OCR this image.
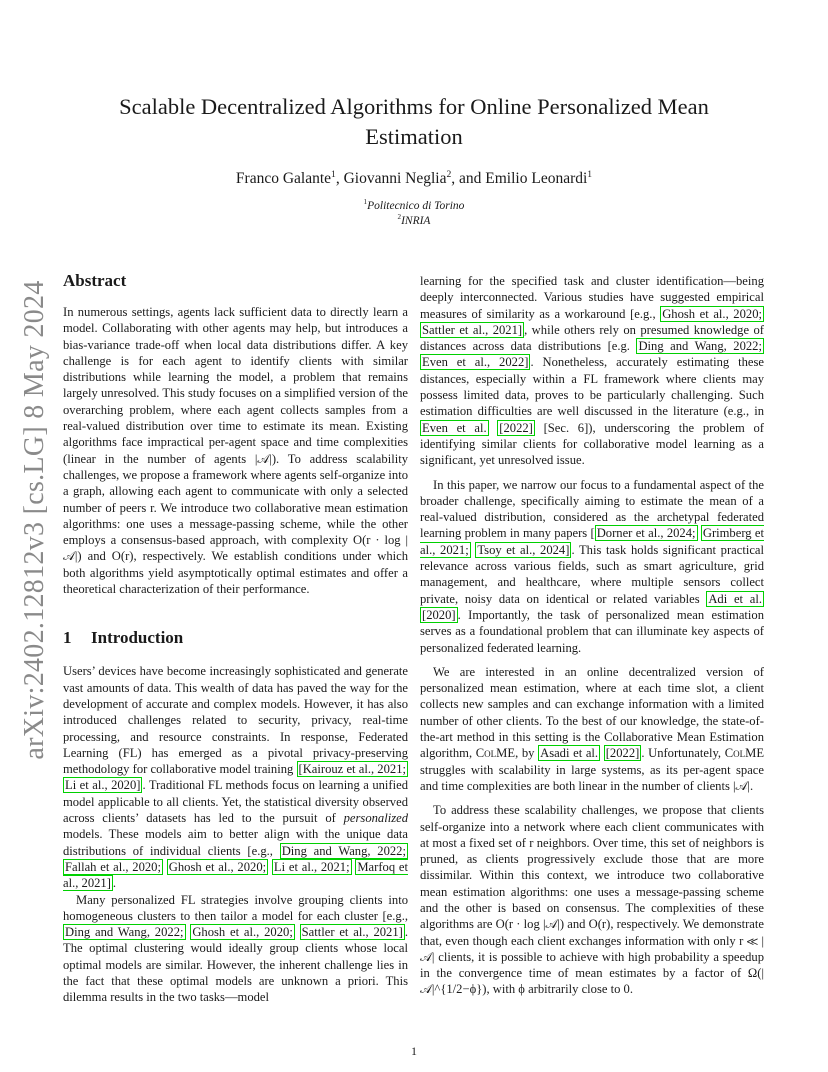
arXiv:2402.12812v3 [cs.LG] 8 May 2024
Scalable Decentralized Algorithms for Online Personalized Mean Estimation
Franco Galante$^1$, Giovanni Neglia$^2$, and Emilio Leonardi$^1$
$^1$Politecnico di Torino
$^2$INRIA
Abstract

In numerous settings, agents lack sufficient data to directly learn a model. Collaborating with other agents may help, but introduces a bias-variance trade-off when local data distributions differ. A key challenge is for each agent to identify clients with similar distributions while learning the model, a problem that remains largely unresolved. This study focuses on a simplified version of the overarching problem, where each agent collects samples from a real-valued distribution over time to estimate its mean. Existing algorithms face impractical per-agent space and time complexities (linear in the number of agents |𝒜|). To address scalability challenges, we propose a framework where agents self-organize into a graph, allowing each agent to communicate with only a selected number of peers r. We introduce two collaborative mean estimation algorithms: one uses a message-passing scheme, while the other employs a consensus-based approach, with complexity O(r · log |𝒜|) and O(r), respectively. We establish conditions under which both algorithms yield asymptotically optimal estimates and offer a theoretical characterization of their performance.

1 Introduction

Users’ devices have become increasingly sophisticated and generate vast amounts of data. This wealth of data has paved the way for the development of accurate and complex models. However, it has also introduced challenges related to security, privacy, real-time processing, and resource constraints. In response, Federated Learning (FL) has emerged as a pivotal privacy-preserving methodology for collaborative model training [Kairouz et al., 2021; Li et al., 2020] . Traditional FL methods focus on learning a unified model applicable to all clients. Yet, the statistical diversity observed across clients’ datasets has led to the pursuit of personalized models. These models aim to better align with the unique data distributions of individual clients [e.g., Ding and Wang, 2022; Fallah et al., 2020; Ghosh et al., 2020; Li et al., 2021; Marfoq et al., 2021] .

Many personalized FL strategies involve grouping clients into homogeneous clusters to then tailor a model for each cluster [e.g., Ding and Wang, 2022; Ghosh et al., 2020; Sattler et al., 2021] . The optimal clustering would ideally group clients whose local optimal models are similar. However, the inherent challenge lies in the fact that these optimal models are unknown a priori. This dilemma results in the two tasks—model

learning for the specified task and cluster identification—being deeply interconnected. Various studies have suggested empirical measures of similarity as a workaround [e.g., Ghosh et al., 2020; Sattler et al., 2021] , while others rely on presumed knowledge of distances across data distributions [e.g. Ding and Wang, 2022; Even et al., 2022] . Nonetheless, accurately estimating these distances, especially within a FL framework where clients may possess limited data, proves to be particularly challenging. Such estimation difficulties are well discussed in the literature (e.g., in Even et al. [2022] [Sec. 6]), underscoring the problem of identifying similar clients for collaborative model learning as a significant, yet unresolved issue.

In this paper, we narrow our focus to a fundamental aspect of the broader challenge, specifically aiming to estimate the mean of a real-valued distribution, considered as the archetypal federated learning problem in many papers [ Dorner et al., 2024; Grimberg et al., 2021; Tsoy et al., 2024] . This task holds significant practical relevance across various fields, such as smart agriculture, grid management, and healthcare, where multiple sensors collect private, noisy data on identical or related variables Adi et al. [2020] . Importantly, the task of personalized mean estimation serves as a foundational problem that can illuminate key aspects of personalized federated learning.

We are interested in an online decentralized version of personalized mean estimation, where at each time slot, a client collects new samples and can exchange information with a limited number of other clients. To the best of our knowledge, the state-of-the-art method in this setting is the Collaborative Mean Estimation algorithm, ColME, by Asadi et al. [2022] . Unfortunately, ColME struggles with scalability in large systems, as its per-agent space and time complexities are both linear in the number of clients |𝒜|.

To address these scalability challenges, we propose that clients self-organize into a network where each client communicates with at most a fixed set of r neighbors. Over time, this set of neighbors is pruned, as clients progressively exclude those that are more dissimilar. Within this context, we introduce two collaborative mean estimation algorithms: one uses a message-passing scheme and the other is based on consensus. The complexities of these algorithms are O(r · log |𝒜|) and O(r), respectively. We demonstrate that, even though each client exchanges information with only r ≪ |𝒜| clients, it is possible to achieve with high probability a speedup in the convergence time of mean estimates by a factor of Ω(|𝒜|^{1/2−ϕ}), with ϕ arbitrarily close to 0.

1
